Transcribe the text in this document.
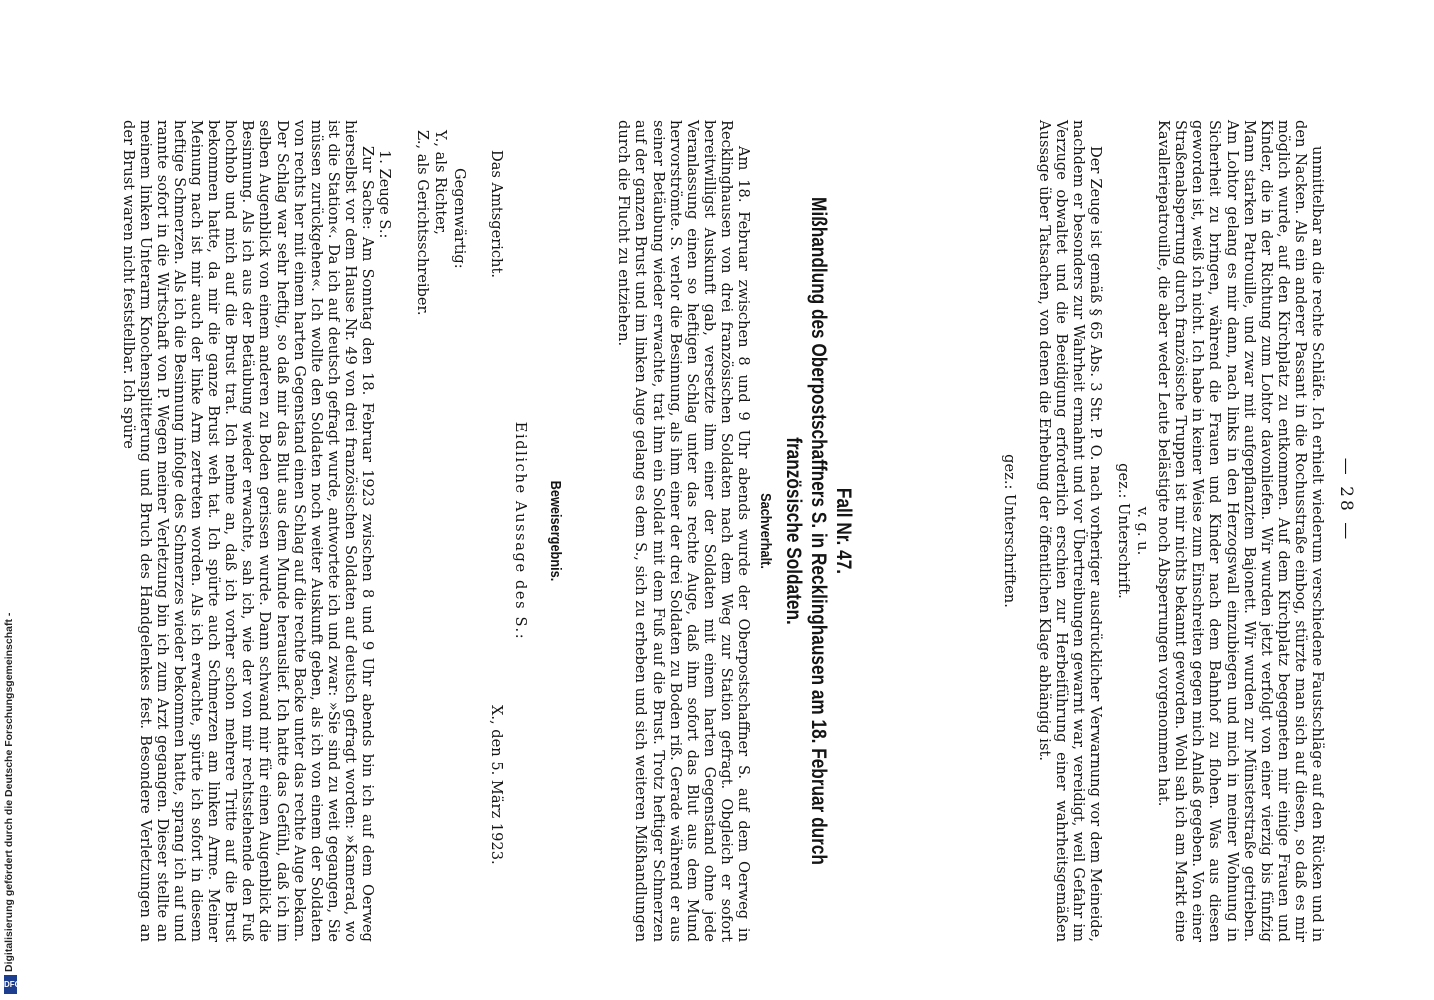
— 28 —
unmittelbar an die rechte Schläfe. Ich erhielt wiederum verschiedene Faustschläge auf den Rücken und in den Nacken. Als ein anderer Passant in die Rochusstraße einbog, stürzte man sich auf diesen, so daß es mir möglich wurde, auf den Kirchplatz zu entkommen. Auf dem Kirchplatz begegneten mir einige Frauen und Kinder, die in der Richtung zum Lohtor davonliefen. Wir wurden jetzt verfolgt von einer vierzig bis fünfzig Mann starken Patrouille, und zwar mit aufgepflanztem Bajonett. Wir wurden zur Münsterstraße getrieben. Am Lohtor gelang es mir dann, nach links in den Herzogswall einzubiegen und mich in meiner Wohnung in Sicherheit zu bringen, während die Frauen und Kinder nach dem Bahnhof zu flohen. Was aus diesen geworden ist, weiß ich nicht. Ich habe in keiner Weise zum Einschreiten gegen mich Anlaß gegeben. Von einer Straßenabsperrung durch französische Truppen ist mir nichts bekannt geworden. Wohl sah ich am Markt eine Kavalleriepatrouille, die aber weder Leute belästigte noch Absperrungen vorgenommen hat.
v. g. u.
gez.: Unterschrift.
Der Zeuge ist gemäß § 65 Abs. 3 Str. P. O. nach vorheriger ausdrücklicher Verwarnung vor dem Meineide, nachdem er besonders zur Wahrheit ermahnt und vor Übertreibungen gewarnt war, vereidigt, weil Gefahr im Verzuge obwaltet und die Beeidigung erforderlich erschien zur Herbeiführung einer wahrheitsgemäßen Aussage über Tatsachen, von denen die Erhebung der öffentlichen Klage abhängig ist.
gez.: Unterschriften.
Fall Nr. 47.
Mißhandlung des Oberpostschaffners S. in Recklinghausen am 18. Februar durch französische Soldaten.
Sachverhalt.
Am 18. Februar zwischen 8 und 9 Uhr abends wurde der Oberpostschaffner S. auf dem Oerweg in Recklinghausen von drei französischen Soldaten nach dem Weg zur Station gefragt. Obgleich er sofort bereitwilligst Auskunft gab, versetzte ihm einer der Soldaten mit einem harten Gegenstand ohne jede Veranlassung einen so heftigen Schlag unter das rechte Auge, daß ihm sofort das Blut aus dem Mund hervorströmte. S. verlor die Besinnung, als ihm einer der drei Soldaten zu Boden riß. Gerade während er aus seiner Betäubung wieder erwachte, trat ihm ein Soldat mit dem Fuß auf die Brust. Trotz heftiger Schmerzen auf der ganzen Brust und im linken Auge gelang es dem S., sich zu erheben und sich weiteren Mißhandlungen durch die Flucht zu entziehen.
Beweisergebnis.
Eidliche Aussage des S.:
Das Amtsgericht.
X., den 5. März 1923.
Gegenwärtig:
Y., als Richter,
Z., als Gerichtsschreiber.
1. Zeuge S.:
Zur Sache: Am Sonntag den 18. Februar 1923 zwischen 8 und 9 Uhr abends bin ich auf dem Oerweg hierselbst vor dem Hause Nr. 49 von drei französischen Soldaten auf deutsch gefragt worden: »Kamerad, wo ist die Station«. Da ich auf deutsch gefragt wurde, antwortete ich und zwar: »Sie sind zu weit gegangen, Sie müssen zurückgehen«. Ich wollte den Soldaten noch weiter Auskunft geben, als ich von einem der Soldaten von rechts her mit einem harten Gegenstand einen Schlag auf die rechte Backe unter das rechte Auge bekam. Der Schlag war sehr heftig, so daß mir das Blut aus dem Munde herauslief. Ich hatte das Gefühl, daß ich im selben Augenblick von einem anderen zu Boden gerissen wurde. Dann schwand mir für einen Augenblick die Besinnung. Als ich aus der Betäubung wieder erwachte, sah ich, wie der von mir rechtsstehende den Fuß hochhob und mich auf die Brust trat. Ich nehme an, daß ich vorher schon mehrere Tritte auf die Brust bekommen hatte, da mir die ganze Brust weh tat. Ich spürte auch Schmerzen am linken Arme. Meiner Meinung nach ist mir auch der linke Arm zertreten worden. Als ich erwachte, spürte ich sofort in diesem heftige Schmerzen. Als ich die Besinnung infolge des Schmerzes wieder bekommen hatte, sprang ich auf und rannte sofort in die Wirtschaft von P. Wegen meiner Verletzung bin ich zum Arzt gegangen. Dieser stellte an meinem linken Unterarm Knochensplitterung und Bruch des Handgelenkes fest. Besondere Verletzungen an der Brust waren nicht feststellbar. Ich spüre
Digitalisierung gefördert durch die Deutsche Forschungsgemeinschaft -
DFG
